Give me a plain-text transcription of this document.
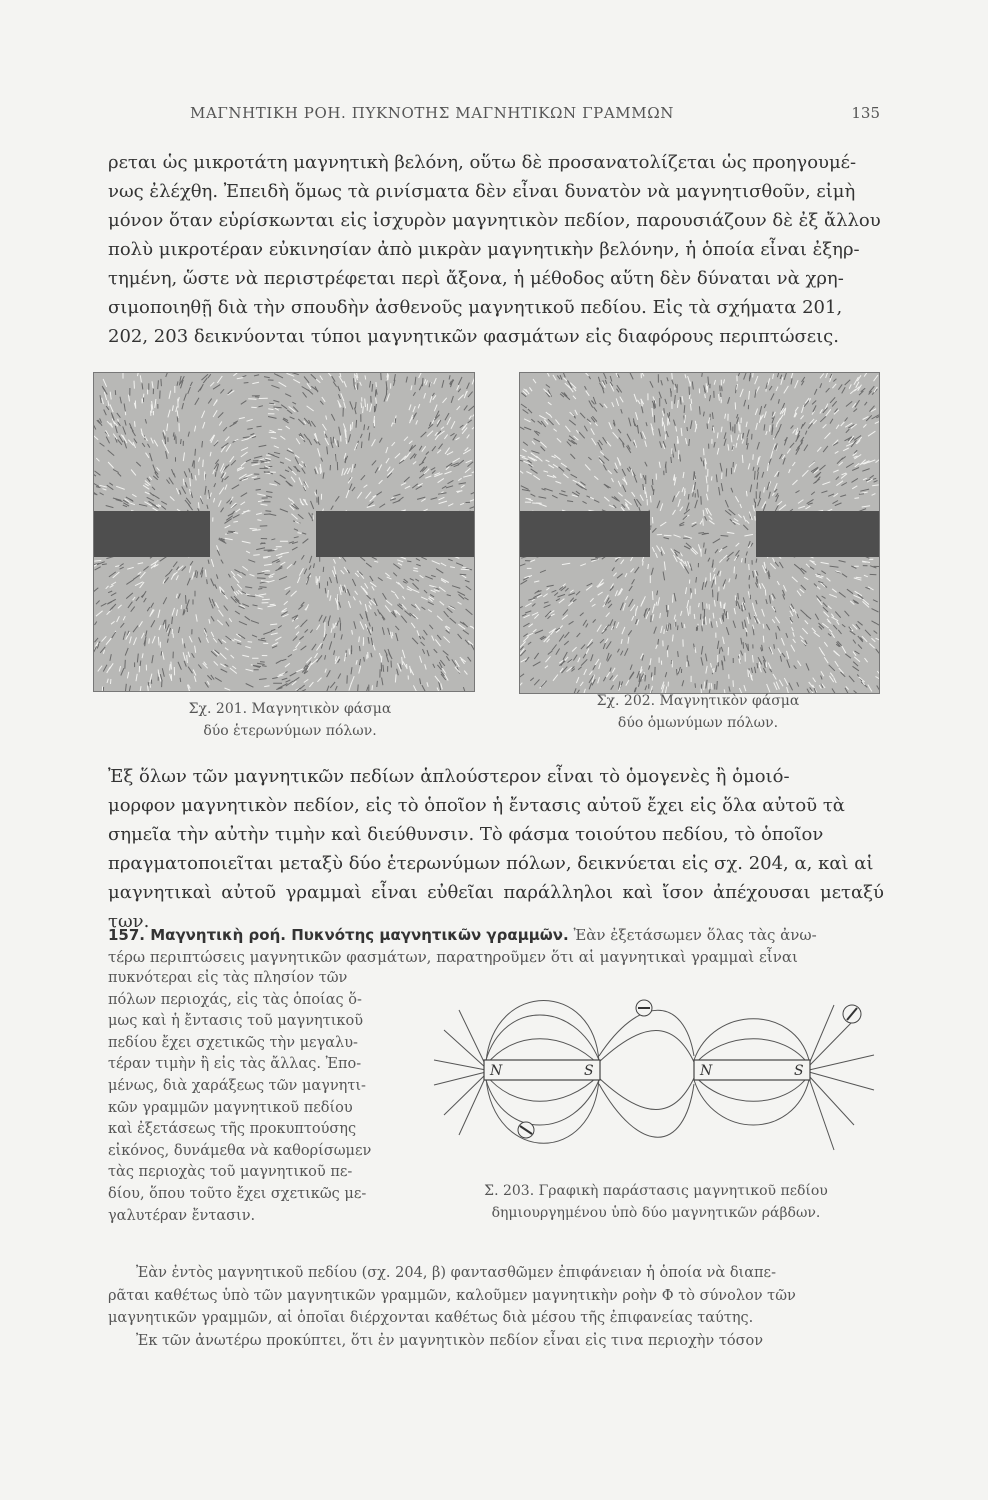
ΜΑΓΝΗΤΙΚΗ ΡΟΗ. ΠΥΚΝΟΤΗΣ ΜΑΓΝΗΤΙΚΩΝ ΓΡΑΜΜΩΝ	135
ρεται ὡς μικροτάτη μαγνητικὴ βελόνη, οὕτω δὲ προσανατολίζεται ὡς προηγουμέ-
νως ἐλέχθη. Ἐπειδὴ ὅμως τὰ ρινίσματα δὲν εἶναι δυνατὸν νὰ μαγνητισθοῦν, εἰμὴ
μόνον ὅταν εὑρίσκωνται εἰς ἰσχυρὸν μαγνητικὸν πεδίον, παρουσιάζουν δὲ ἐξ ἄλλου
πολὺ μικροτέραν εὐκινησίαν ἀπὸ μικρὰν μαγνητικὴν βελόνην, ἡ ὁποία εἶναι ἐξηρ-
τημένη, ὥστε νὰ περιστρέφεται περὶ ἄξονα, ἡ μέθοδος αὕτη δὲν δύναται νὰ χρη-
σιμοποιηθῇ διὰ τὴν σπουδὴν ἀσθενοῦς μαγνητικοῦ πεδίου. Εἰς τὰ σχήματα 201,
202, 203 δεικνύονται τύποι μαγνητικῶν φασμάτων εἰς διαφόρους περιπτώσεις.
Σχ. 201. Μαγνητικὸν φάσμα
δύο ἑτερωνύμων πόλων.
Σχ. 202. Μαγνητικὸν φάσμα
δύο ὁμωνύμων πόλων.
Ἐξ ὅλων τῶν μαγνητικῶν πεδίων ἁπλούστερον εἶναι τὸ ὁμογενὲς ἢ ὁμοιό-
μορφον μαγνητικὸν πεδίον, εἰς τὸ ὁποῖον ἡ ἔντασις αὐτοῦ ἔχει εἰς ὅλα αὐτοῦ τὰ
σημεῖα τὴν αὐτὴν τιμὴν καὶ διεύθυνσιν. Τὸ φάσμα τοιούτου πεδίου, τὸ ὁποῖον
πραγματοποιεῖται μεταξὺ δύο ἑτερωνύμων πόλων, δεικνύεται εἰς σχ. 204, α, καὶ αἱ
μαγνητικαὶ αὐτοῦ γραμμαὶ εἶναι εὐθεῖαι παράλληλοι καὶ ἴσον ἀπέχουσαι μεταξύ των.
157. Μαγνητικὴ ροή. Πυκνότης μαγνητικῶν γραμμῶν. Ἐὰν ἐξετάσωμεν ὅλας τὰς ἀνω-
τέρω περιπτώσεις μαγνητικῶν φασμάτων, παρατηροῦμεν ὅτι αἱ μαγνητικαὶ γραμμαὶ εἶναι
πυκνότεραι εἰς τὰς πλησίον τῶν
πόλων περιοχάς, εἰς τὰς ὁποίας ὅ-
μως καὶ ἡ ἔντασις τοῦ μαγνητικοῦ
πεδίου ἔχει σχετικῶς τὴν μεγαλυ-
τέραν τιμὴν ἢ εἰς τὰς ἄλλας. Ἐπο-
μένως, διὰ χαράξεως τῶν μαγνητι-
κῶν γραμμῶν μαγνητικοῦ πεδίου
καὶ ἐξετάσεως τῆς προκυπτούσης
εἰκόνος, δυνάμεθα νὰ καθορίσωμεν
τὰς περιοχὰς τοῦ μαγνητικοῦ πε-
δίου, ὅπου τοῦτο ἔχει σχετικῶς με-
γαλυτέραν ἔντασιν.
N	S	N	S
Σ. 203. Γραφικὴ παράστασις μαγνητικοῦ πεδίου
δημιουργημένου ὑπὸ δύο μαγνητικῶν ράβδων.
Ἐὰν ἐντὸς μαγνητικοῦ πεδίου (σχ. 204, β) φαντασθῶμεν ἐπιφάνειαν ἡ ὁποία νὰ διαπε-
ρᾶται καθέτως ὑπὸ τῶν μαγνητικῶν γραμμῶν, καλοῦμεν μαγνητικὴν ροὴν Φ τὸ σύνολον τῶν
μαγνητικῶν γραμμῶν, αἱ ὁποῖαι διέρχονται καθέτως διὰ μέσου τῆς ἐπιφανείας ταύτης.
Ἐκ τῶν ἀνωτέρω προκύπτει, ὅτι ἐν μαγνητικὸν πεδίον εἶναι εἰς τινα περιοχὴν τόσον
